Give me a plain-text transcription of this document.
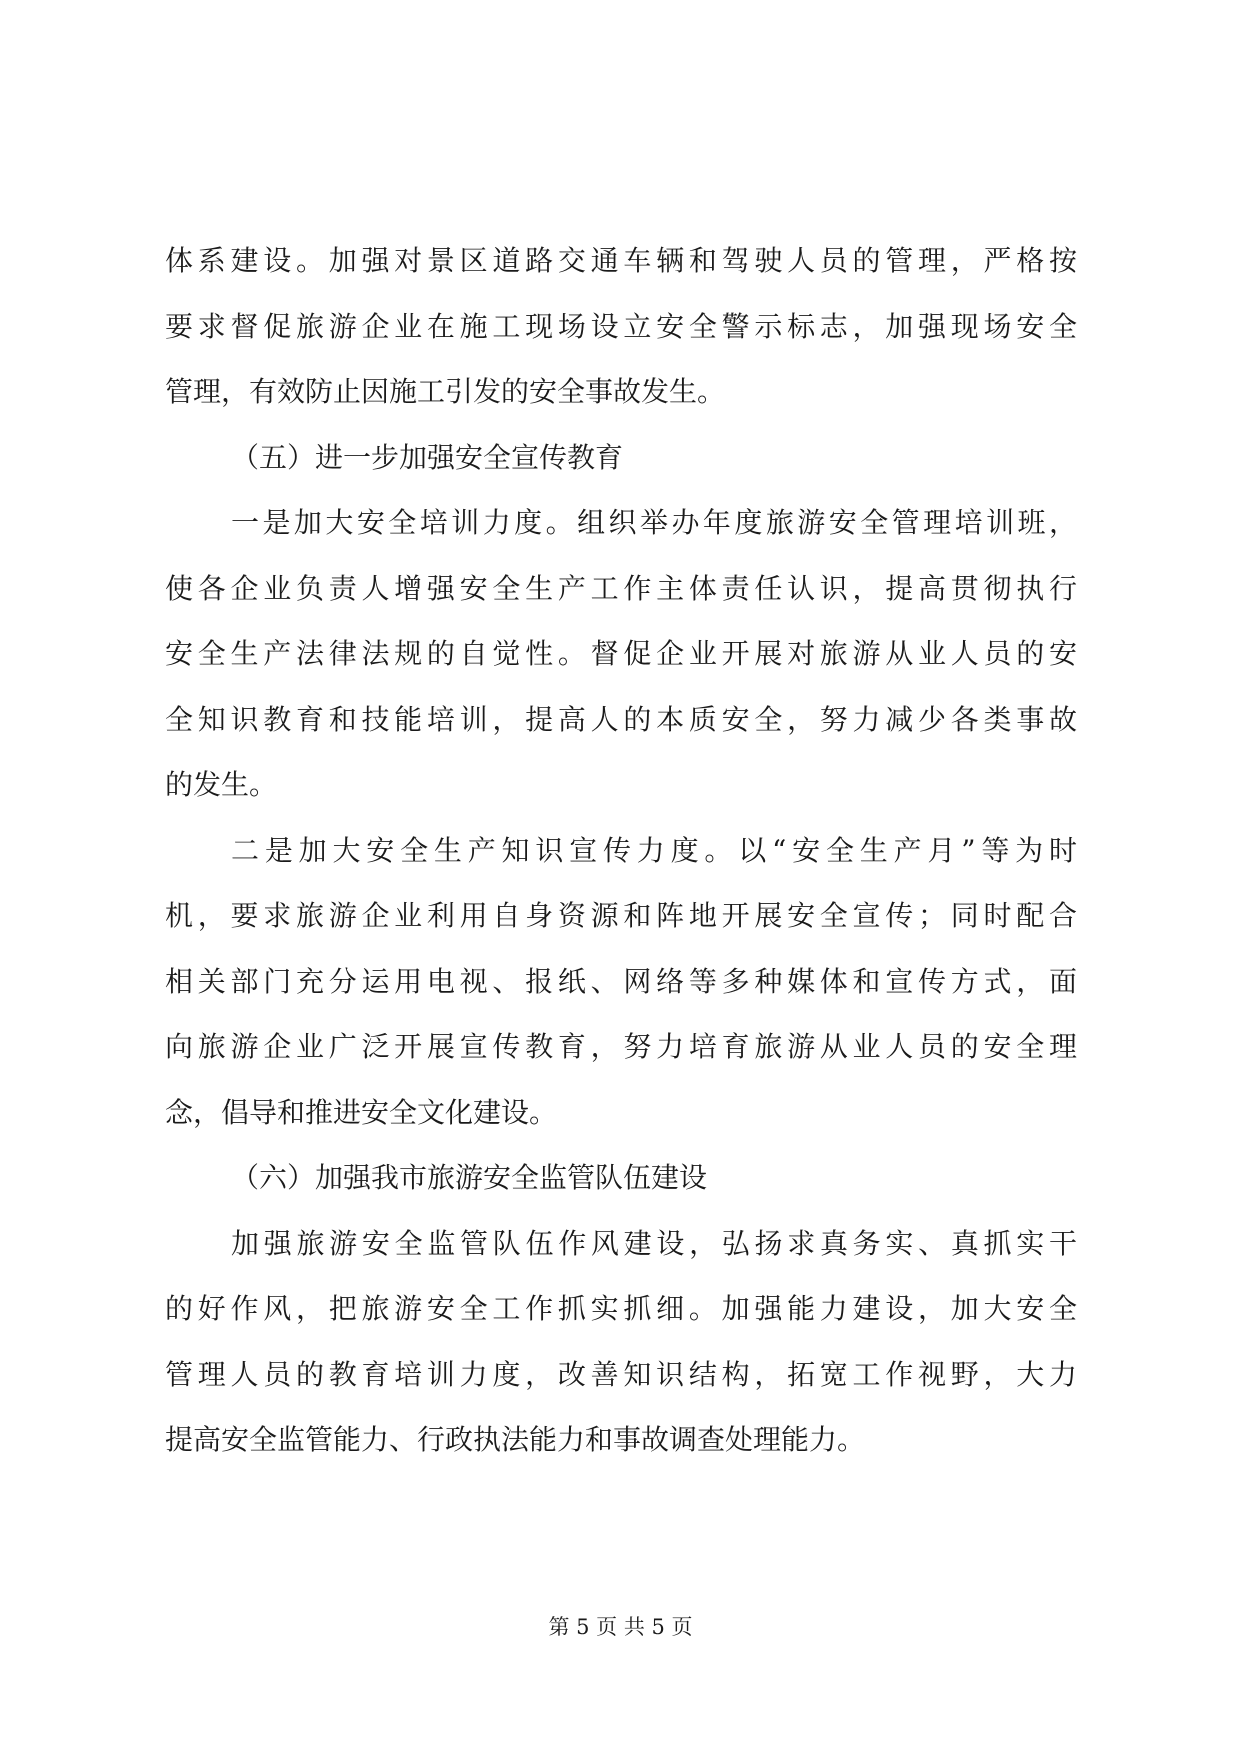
体系建设。加强对景区道路交通车辆和驾驶人员的管理，严格按
要求督促旅游企业在施工现场设立安全警示标志，加强现场安全
管理，有效防止因施工引发的安全事故发生。
（五）进一步加强安全宣传教育
一是加大安全培训力度。组织举办年度旅游安全管理培训班，
使各企业负责人增强安全生产工作主体责任认识，提高贯彻执行
安全生产法律法规的自觉性。督促企业开展对旅游从业人员的安
全知识教育和技能培训，提高人的本质安全，努力减少各类事故
的发生。
二是加大安全生产知识宣传力度。以“安全生产月”等为时
机，要求旅游企业利用自身资源和阵地开展安全宣传；同时配合
相关部门充分运用电视、报纸、网络等多种媒体和宣传方式，面
向旅游企业广泛开展宣传教育，努力培育旅游从业人员的安全理
念，倡导和推进安全文化建设。
（六）加强我市旅游安全监管队伍建设
加强旅游安全监管队伍作风建设，弘扬求真务实、真抓实干
的好作风，把旅游安全工作抓实抓细。加强能力建设，加大安全
管理人员的教育培训力度，改善知识结构，拓宽工作视野，大力
提高安全监管能力、行政执法能力和事故调查处理能力。
第 5 页 共 5 页
